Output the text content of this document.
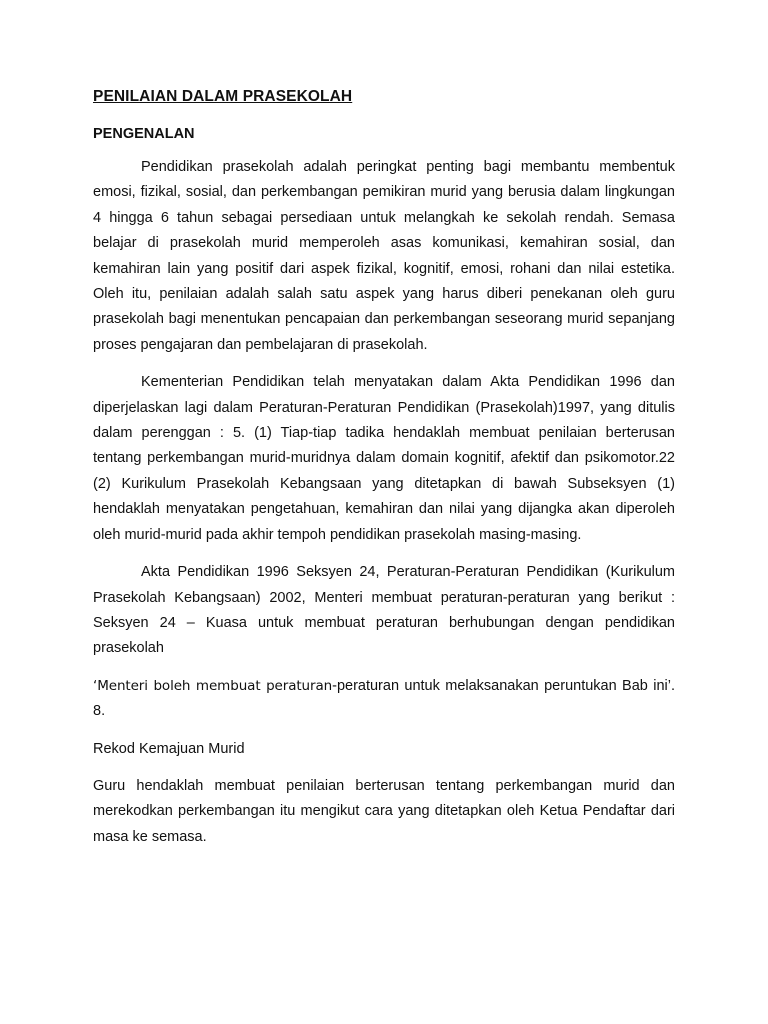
PENILAIAN DALAM PRASEKOLAH
PENGENALAN

Pendidikan prasekolah adalah peringkat penting bagi membantu membentuk emosi, fizikal, sosial, dan perkembangan pemikiran murid yang berusia dalam lingkungan 4 hingga 6 tahun sebagai persediaan untuk melangkah ke sekolah rendah. Semasa belajar di prasekolah murid memperoleh asas komunikasi, kemahiran sosial, dan kemahiran lain yang positif dari aspek fizikal, kognitif, emosi, rohani dan nilai estetika. Oleh itu, penilaian adalah salah satu aspek yang harus diberi penekanan oleh guru prasekolah bagi menentukan pencapaian dan perkembangan seseorang murid sepanjang proses pengajaran dan pembelajaran di prasekolah.

Kementerian Pendidikan telah menyatakan dalam Akta Pendidikan 1996 dan diperjelaskan lagi dalam Peraturan-Peraturan Pendidikan (Prasekolah)1997, yang ditulis dalam perenggan : 5. (1) Tiap-tiap tadika hendaklah membuat penilaian berterusan tentang perkembangan murid-muridnya dalam domain kognitif, afektif dan psikomotor.22 (2) Kurikulum Prasekolah Kebangsaan yang ditetapkan di bawah Subseksyen (1) hendaklah menyatakan pengetahuan, kemahiran dan nilai yang dijangka akan diperoleh oleh murid-murid pada akhir tempoh pendidikan prasekolah masing-masing.

Akta Pendidikan 1996 Seksyen 24, Peraturan-Peraturan Pendidikan (Kurikulum Prasekolah Kebangsaan) 2002, Menteri membuat peraturan-peraturan yang berikut : Seksyen 24 – Kuasa untuk membuat peraturan berhubungan dengan pendidikan prasekolah

‘Menteri boleh membuat peraturan-peraturan untuk melaksanakan peruntukan Bab ini’. 8.

Rekod Kemajuan Murid

Guru hendaklah membuat penilaian berterusan tentang perkembangan murid dan merekodkan perkembangan itu mengikut cara yang ditetapkan oleh Ketua Pendaftar dari masa ke semasa.
